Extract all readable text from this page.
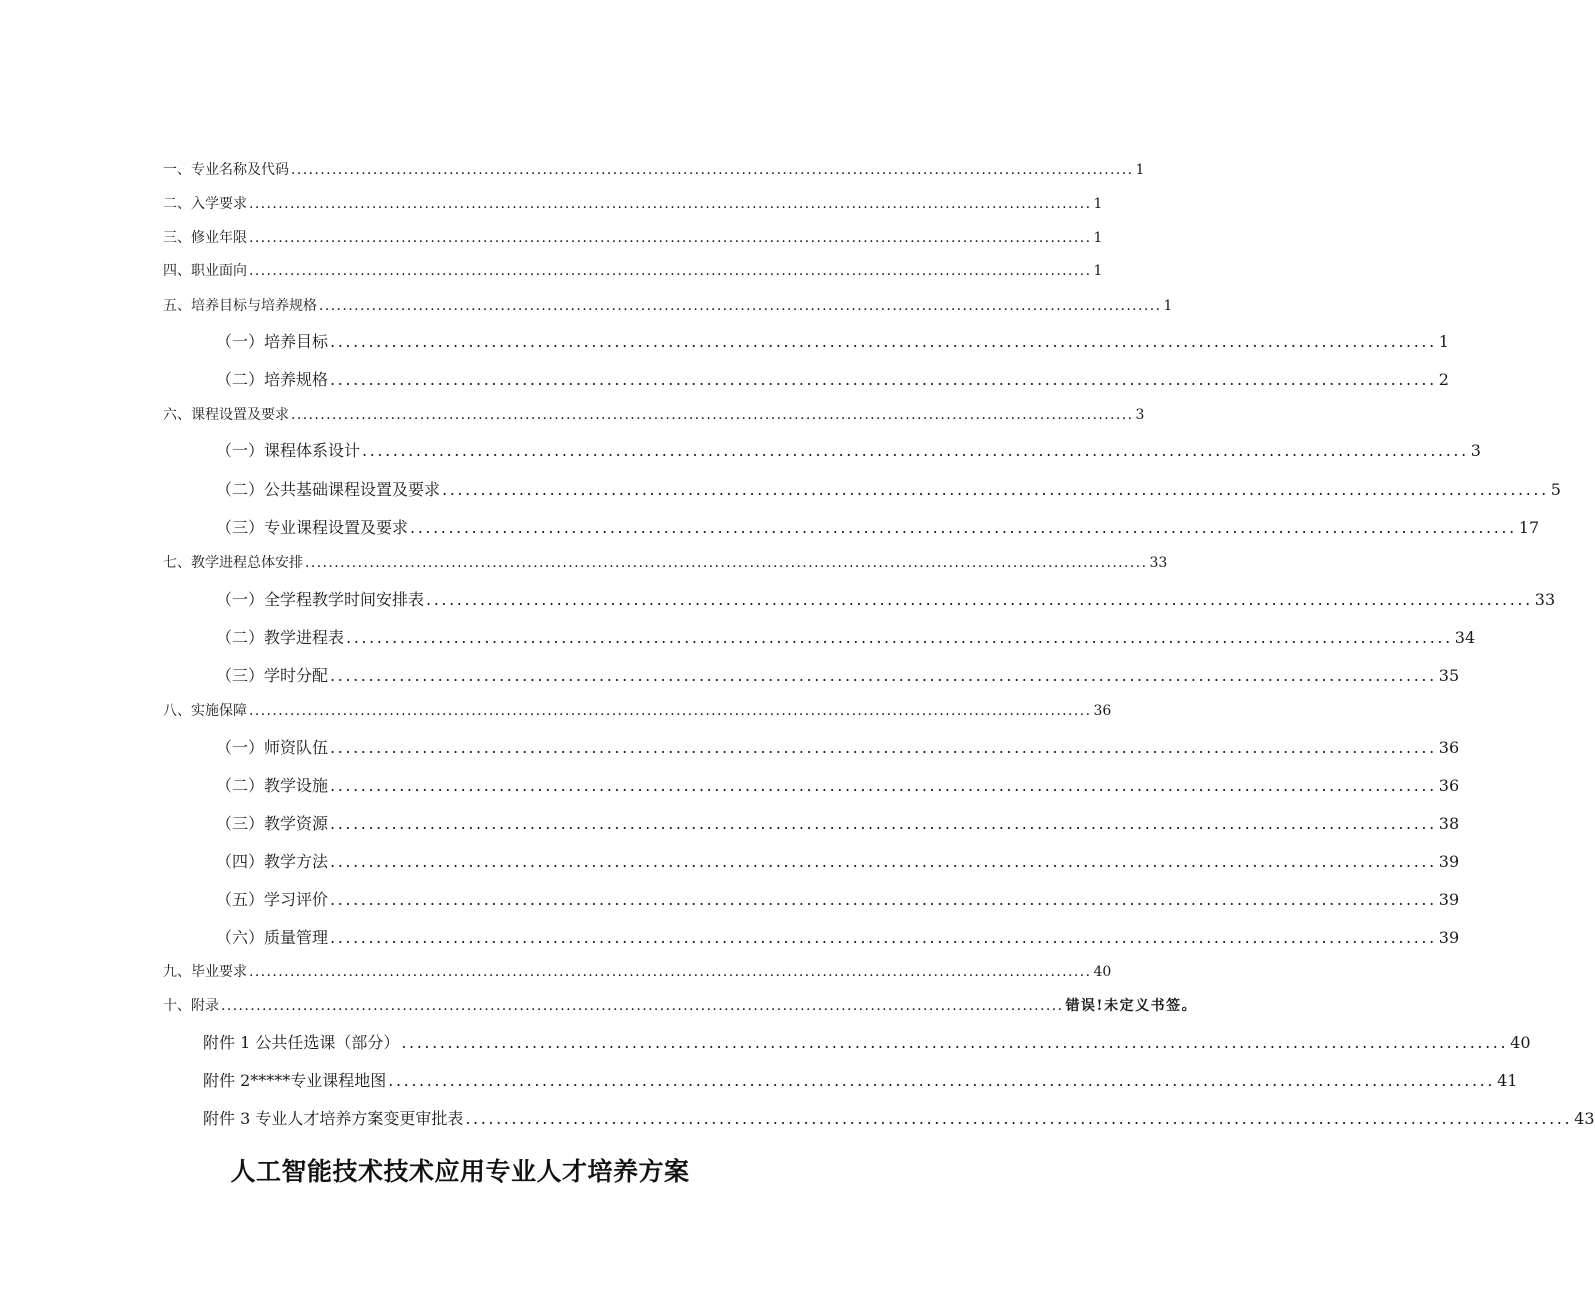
一、专业名称及代码 ................................................................................................................................................ 1
二、入学要求 ................................................................................................................................................ 1
三、修业年限 ................................................................................................................................................ 1
四、职业面向 ................................................................................................................................................ 1
五、培养目标与培养规格 ................................................................................................................................................ 1
（一）培养目标 ................................................................................................................................................ 1
（二）培养规格 ................................................................................................................................................ 2
六、课程设置及要求 ................................................................................................................................................ 3
（一）课程体系设计 ................................................................................................................................................ 3
（二）公共基础课程设置及要求 ................................................................................................................................................ 5
（三）专业课程设置及要求 ................................................................................................................................................ 17
七、教学进程总体安排 ................................................................................................................................................ 33
（一）全学程教学时间安排表 ................................................................................................................................................ 33
（二）教学进程表 ................................................................................................................................................ 34
（三）学时分配 ................................................................................................................................................ 35
八、实施保障 ................................................................................................................................................ 36
（一）师资队伍 ................................................................................................................................................ 36
（二）教学设施 ................................................................................................................................................ 36
（三）教学资源 ................................................................................................................................................ 38
（四）教学方法 ................................................................................................................................................ 39
（五）学习评价 ................................................................................................................................................ 39
（六）质量管理 ................................................................................................................................................ 39
九、毕业要求 ................................................................................................................................................ 40
十、附录 ................................................................................................................................................ 错误!未定义书签。
附件 1 公共任选课（部分） ................................................................................................................................................ 40
附件 2*****专业课程地图 ................................................................................................................................................ 41
附件 3 专业人才培养方案变更审批表 ................................................................................................................................................ 43
人工智能技术技术应用专业人才培养方案
